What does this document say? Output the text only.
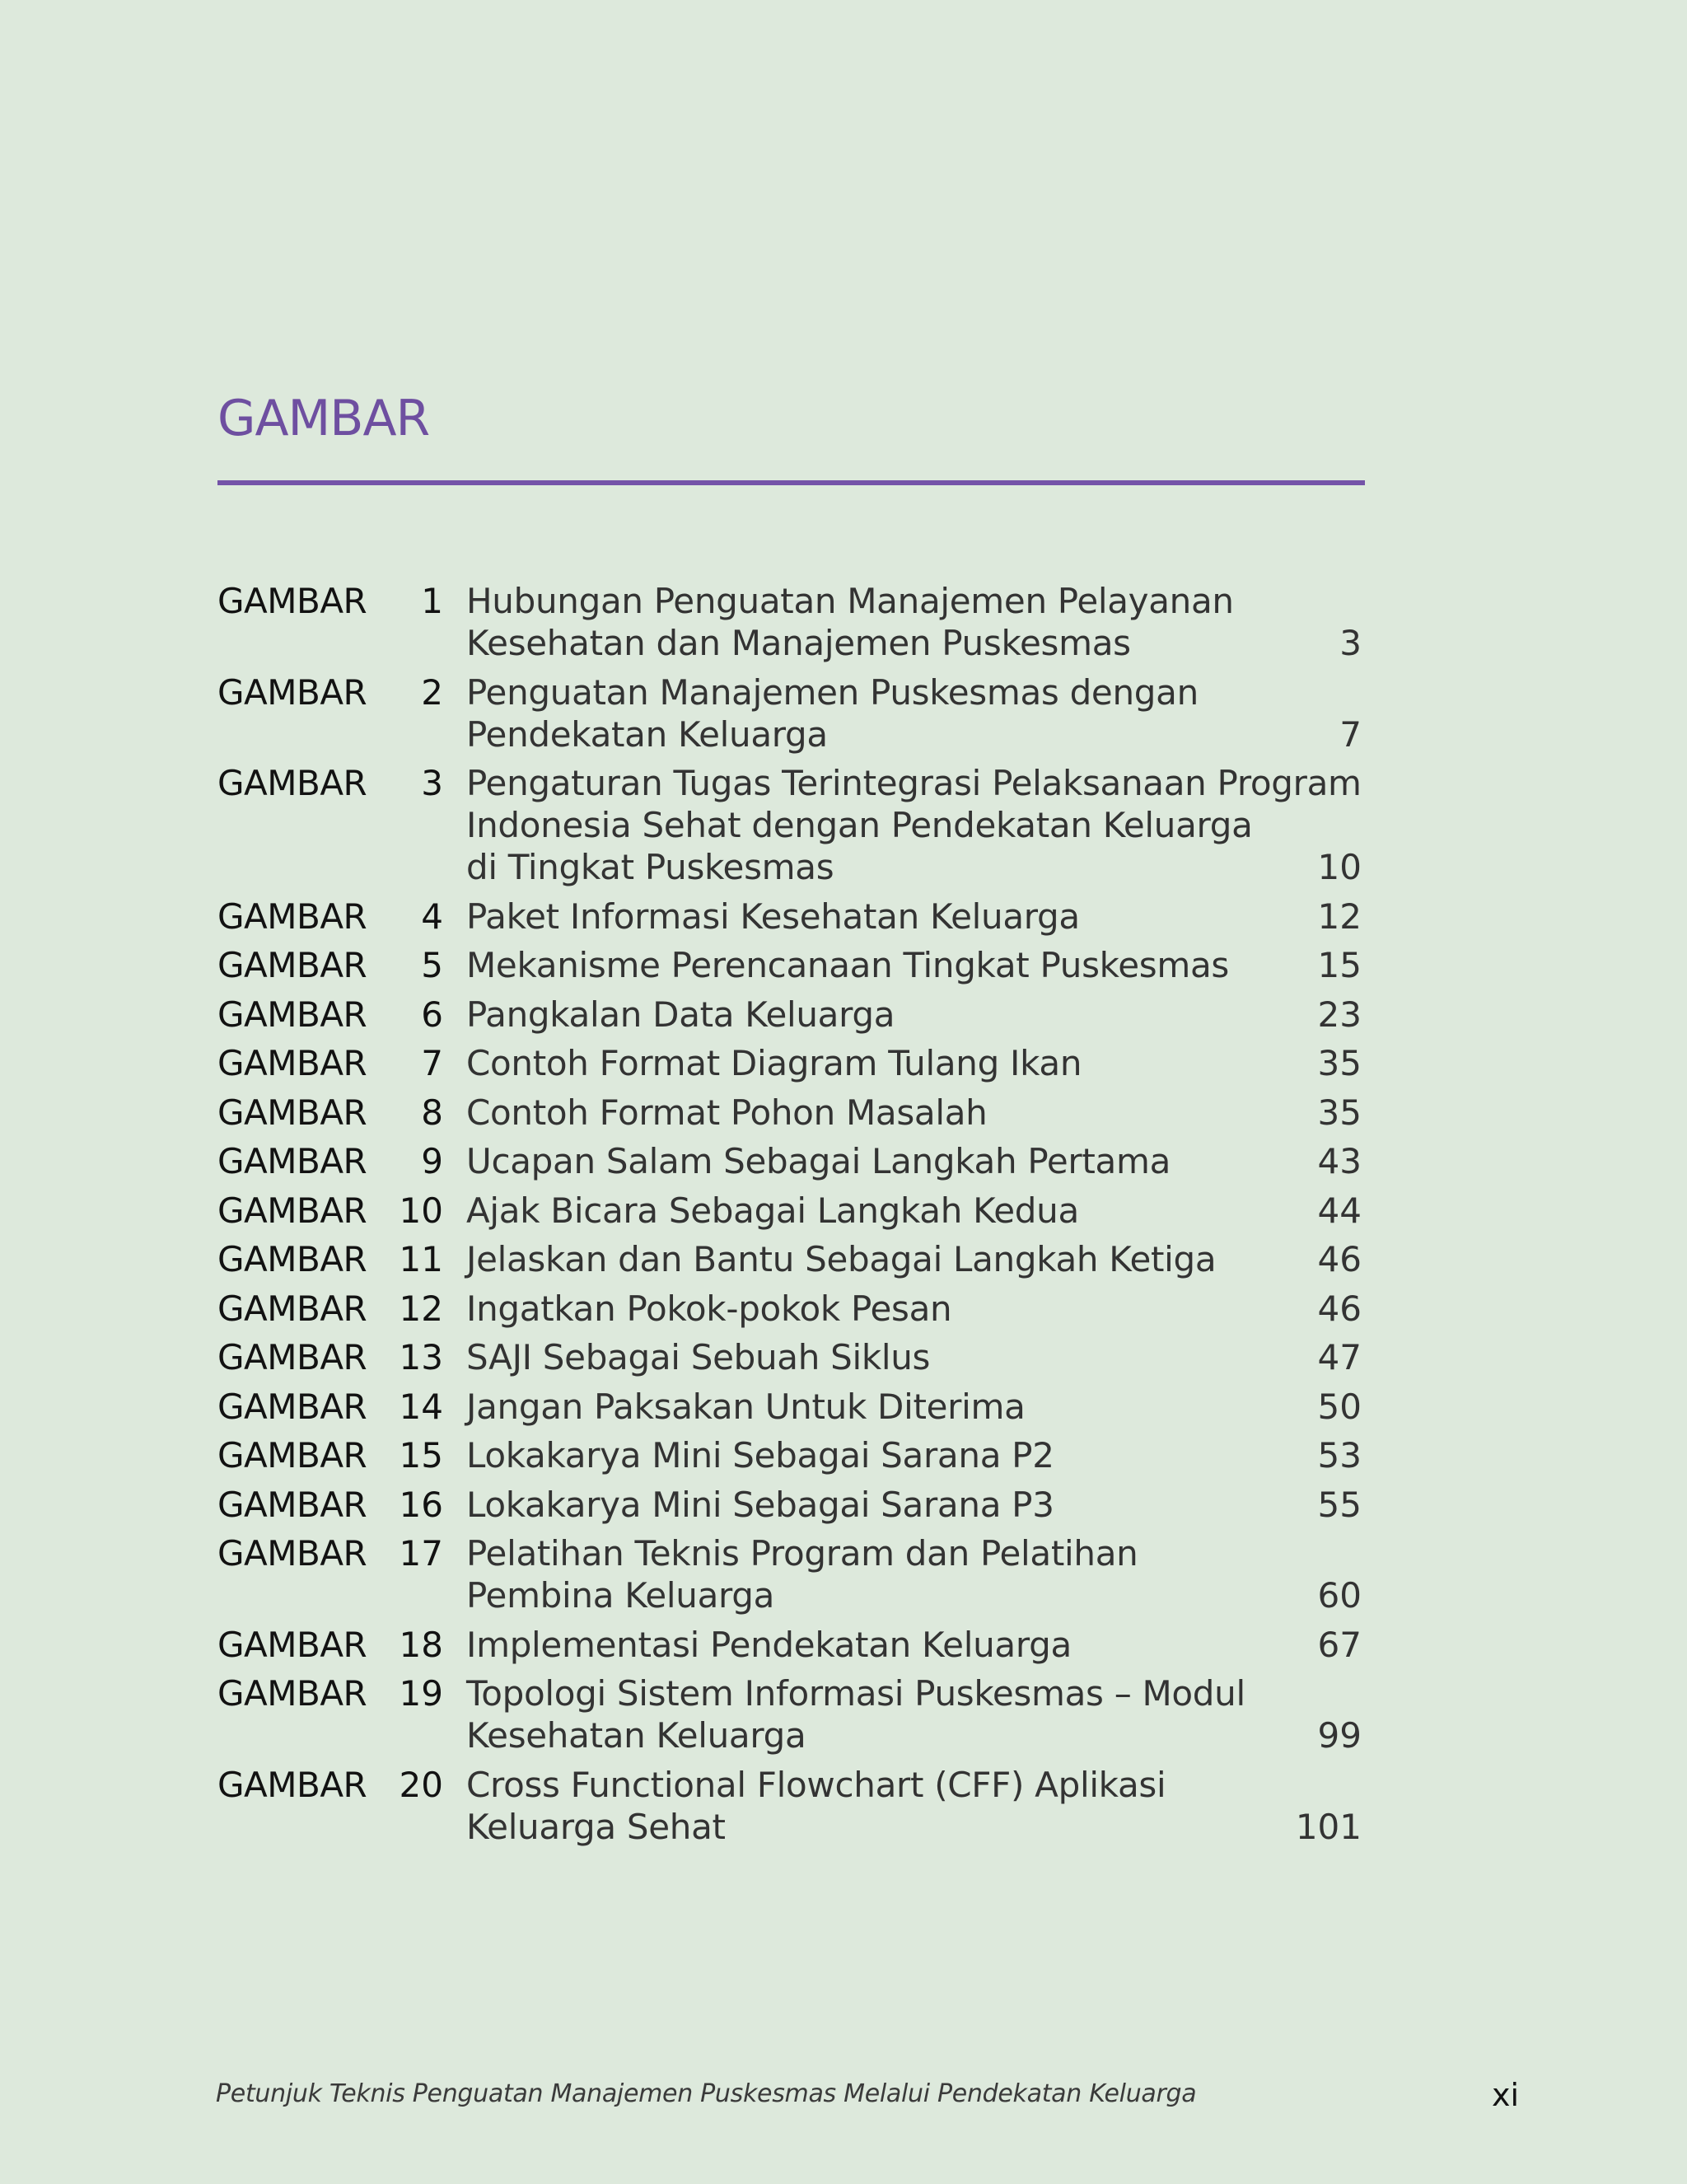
GAMBAR
GAMBAR	1 Hubungan Penguatan Manajemen Pelayanan
Kesehatan dan Manajemen Puskesmas	3
GAMBAR	2 Penguatan Manajemen Puskesmas dengan
Pendekatan Keluarga	7
GAMBAR	3 Pengaturan Tugas Terintegrasi Pelaksanaan Program
Indonesia Sehat dengan Pendekatan Keluarga
di Tingkat Puskesmas	10
GAMBAR	4 Paket Informasi Kesehatan Keluarga	12
GAMBAR	5 Mekanisme Perencanaan Tingkat Puskesmas	15
GAMBAR	6 Pangkalan Data Keluarga	23
GAMBAR	7 Contoh Format Diagram Tulang Ikan	35
GAMBAR	8 Contoh Format Pohon Masalah	35
GAMBAR	9 Ucapan Salam Sebagai Langkah Pertama	43
GAMBAR 10 Ajak Bicara Sebagai Langkah Kedua	44
GAMBAR 11 Jelaskan dan Bantu Sebagai Langkah Ketiga	46
GAMBAR 12 Ingatkan Pokok-pokok Pesan	46
GAMBAR 13 SAJI Sebagai Sebuah Siklus	47
GAMBAR 14 Jangan Paksakan Untuk Diterima	50
GAMBAR 15 Lokakarya Mini Sebagai Sarana P2	53
GAMBAR 16 Lokakarya Mini Sebagai Sarana P3	55
GAMBAR 17 Pelatihan Teknis Program dan Pelatihan
Pembina Keluarga	60
GAMBAR 18 Implementasi Pendekatan Keluarga	67
GAMBAR 19 Topologi Sistem Informasi Puskesmas – Modul
Kesehatan Keluarga	99
GAMBAR 20 Cross Functional Flowchart (CFF) Aplikasi
Keluarga Sehat	101
Petunjuk Teknis Penguatan Manajemen Puskesmas Melalui Pendekatan Keluarga	xi
